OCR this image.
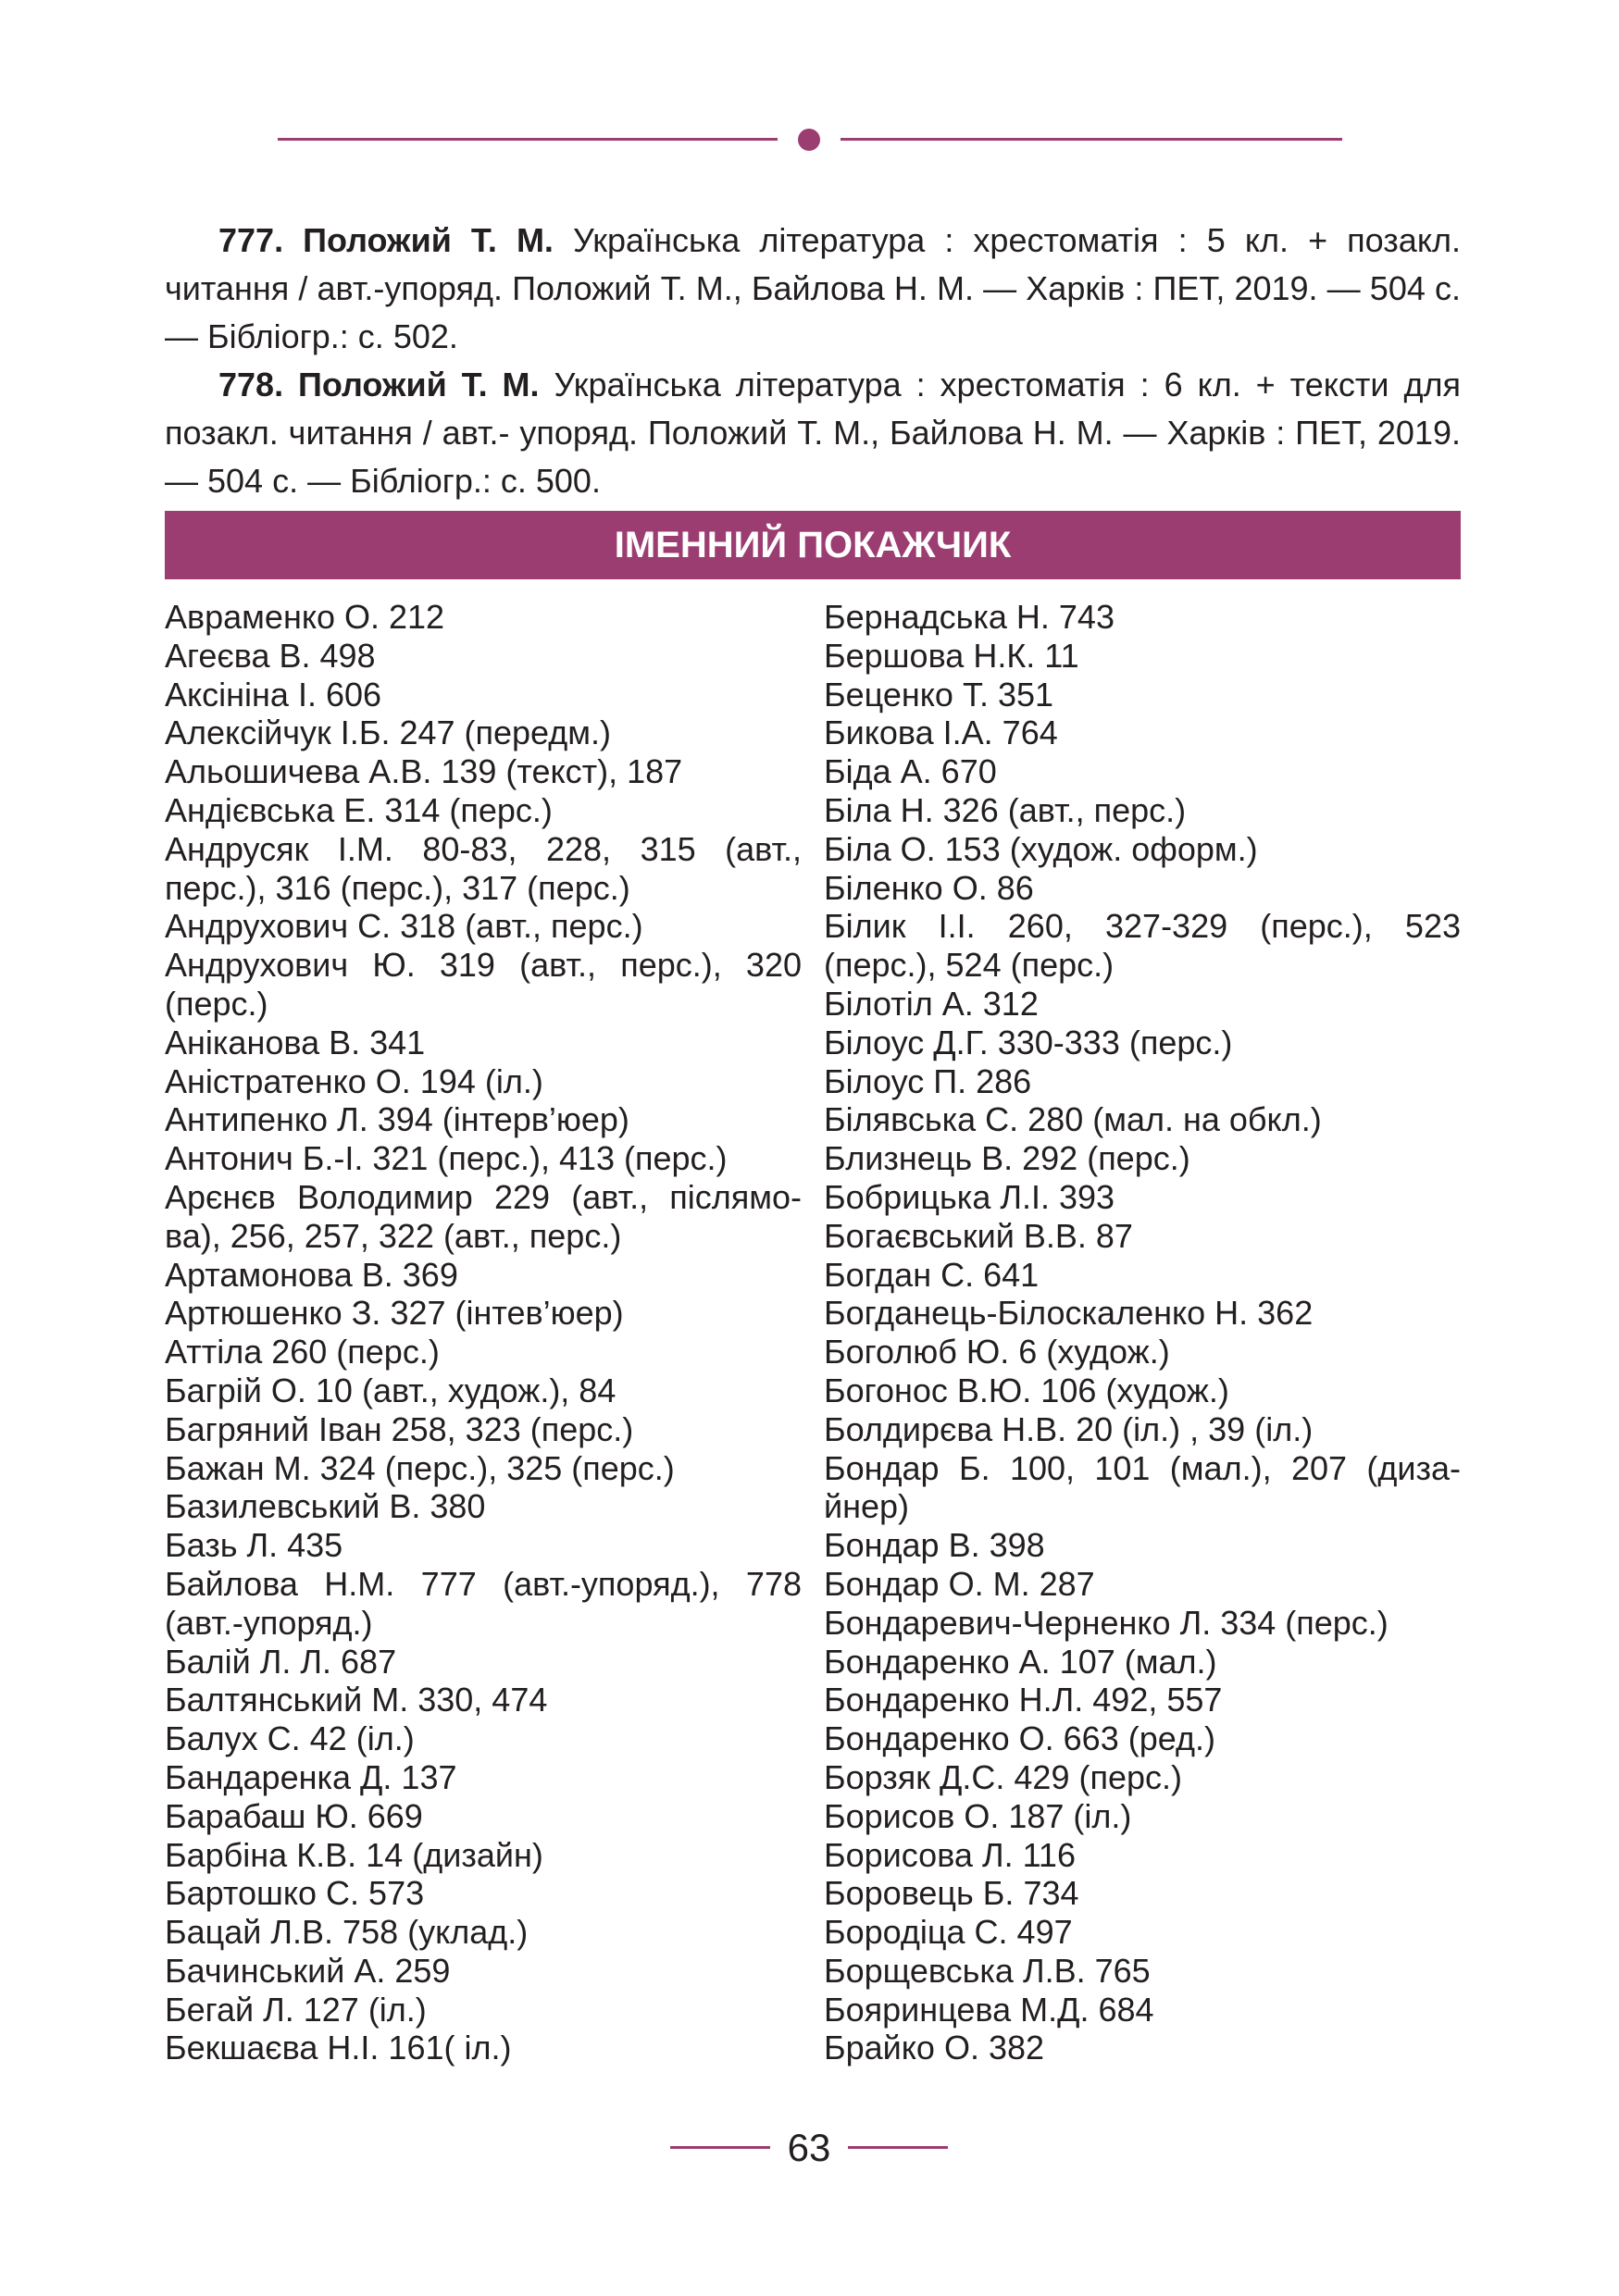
777. Положий Т. М. Українська література : хрестоматія : 5 кл. + позакл. читання / авт.-упоряд. Положий Т. М., Байлова Н. М. — Харків : ПЕТ, 2019. — 504 с. — Бібліогр.: с. 502.

778. Положий Т. М. Українська література : хрестоматія : 6 кл. + тексти для позакл. читання / авт.- упоряд. Положий Т. М., Байлова Н. М. — Харків : ПЕТ, 2019. — 504 с. — Бібліогр.: с. 500.

ІМЕННИЙ ПОКАЖЧИК
Авраменко О. 212
Агеєва В. 498
Аксініна І. 606
Алексійчук І.Б. 247 (передм.)
Альошичева А.В. 139 (текст), 187
Андієвська Е. 314 (перс.)
Андрусяк І.М. 80-83, 228, 315 (авт., перс.), 316 (перс.), 317 (перс.)
Андрухович С. 318 (авт., перс.)
Андрухович Ю. 319 (авт., перс.), 320 (перс.)
Аніканова В. 341
Аністратенко О. 194 (іл.)
Антипенко Л. 394 (інтерв’юер)
Антонич Б.-І. 321 (перс.), 413 (перс.)
Арєнєв Володимир 229 (авт., післямо-ва), 256, 257, 322 (авт., перс.)
Артамонова В. 369
Артюшенко З. 327 (інтев’юер)
Аттіла 260 (перс.)
Багрій О. 10 (авт., худож.), 84
Багряний Іван 258, 323 (перс.)
Бажан М. 324 (перс.), 325 (перс.)
Базилевський В. 380
Базь Л. 435
Байлова Н.М. 777 (авт.-упоряд.), 778 (авт.-упоряд.)
Балій Л. Л. 687
Балтянський М. 330, 474
Балух С. 42 (іл.)
Бандаренка Д. 137
Барабаш Ю. 669
Барбіна К.В. 14 (дизайн)
Бартошко С. 573
Бацай Л.В. 758 (уклад.)
Бачинський А. 259
Бегай Л. 127 (іл.)
Бекшаєва Н.І. 161( іл.)
Бернадська Н. 743
Бершова Н.К. 11
Беценко Т. 351
Бикова І.А. 764
Біда А. 670
Біла Н. 326 (авт., перс.)
Біла О. 153 (худож. оформ.)
Біленко О. 86
Білик І.І. 260, 327-329 (перс.), 523 (перс.), 524 (перс.)
Білотіл А. 312
Білоус Д.Г. 330-333 (перс.)
Білоус П. 286
Білявська С. 280 (мал. на обкл.)
Близнець В. 292 (перс.)
Бобрицька Л.І. 393
Богаєвський В.В. 87
Богдан С. 641
Богданець-Білоскаленко Н. 362
Боголюб Ю. 6 (худож.)
Богонос В.Ю. 106 (худож.)
Болдирєва Н.В. 20 (іл.) , 39 (іл.)
Бондар Б. 100, 101 (мал.), 207 (диза-йнер)
Бондар В. 398
Бондар О. М. 287
Бондаревич-Черненко Л. 334 (перс.)
Бондаренко А. 107 (мал.)
Бондаренко Н.Л. 492, 557
Бондаренко О. 663 (ред.)
Борзяк Д.С. 429 (перс.)
Борисов О. 187 (іл.)
Борисова Л. 116
Боровець Б. 734
Бородіца С. 497
Борщевська Л.В. 765
Бояринцева М.Д. 684
Брайко О. 382
63
